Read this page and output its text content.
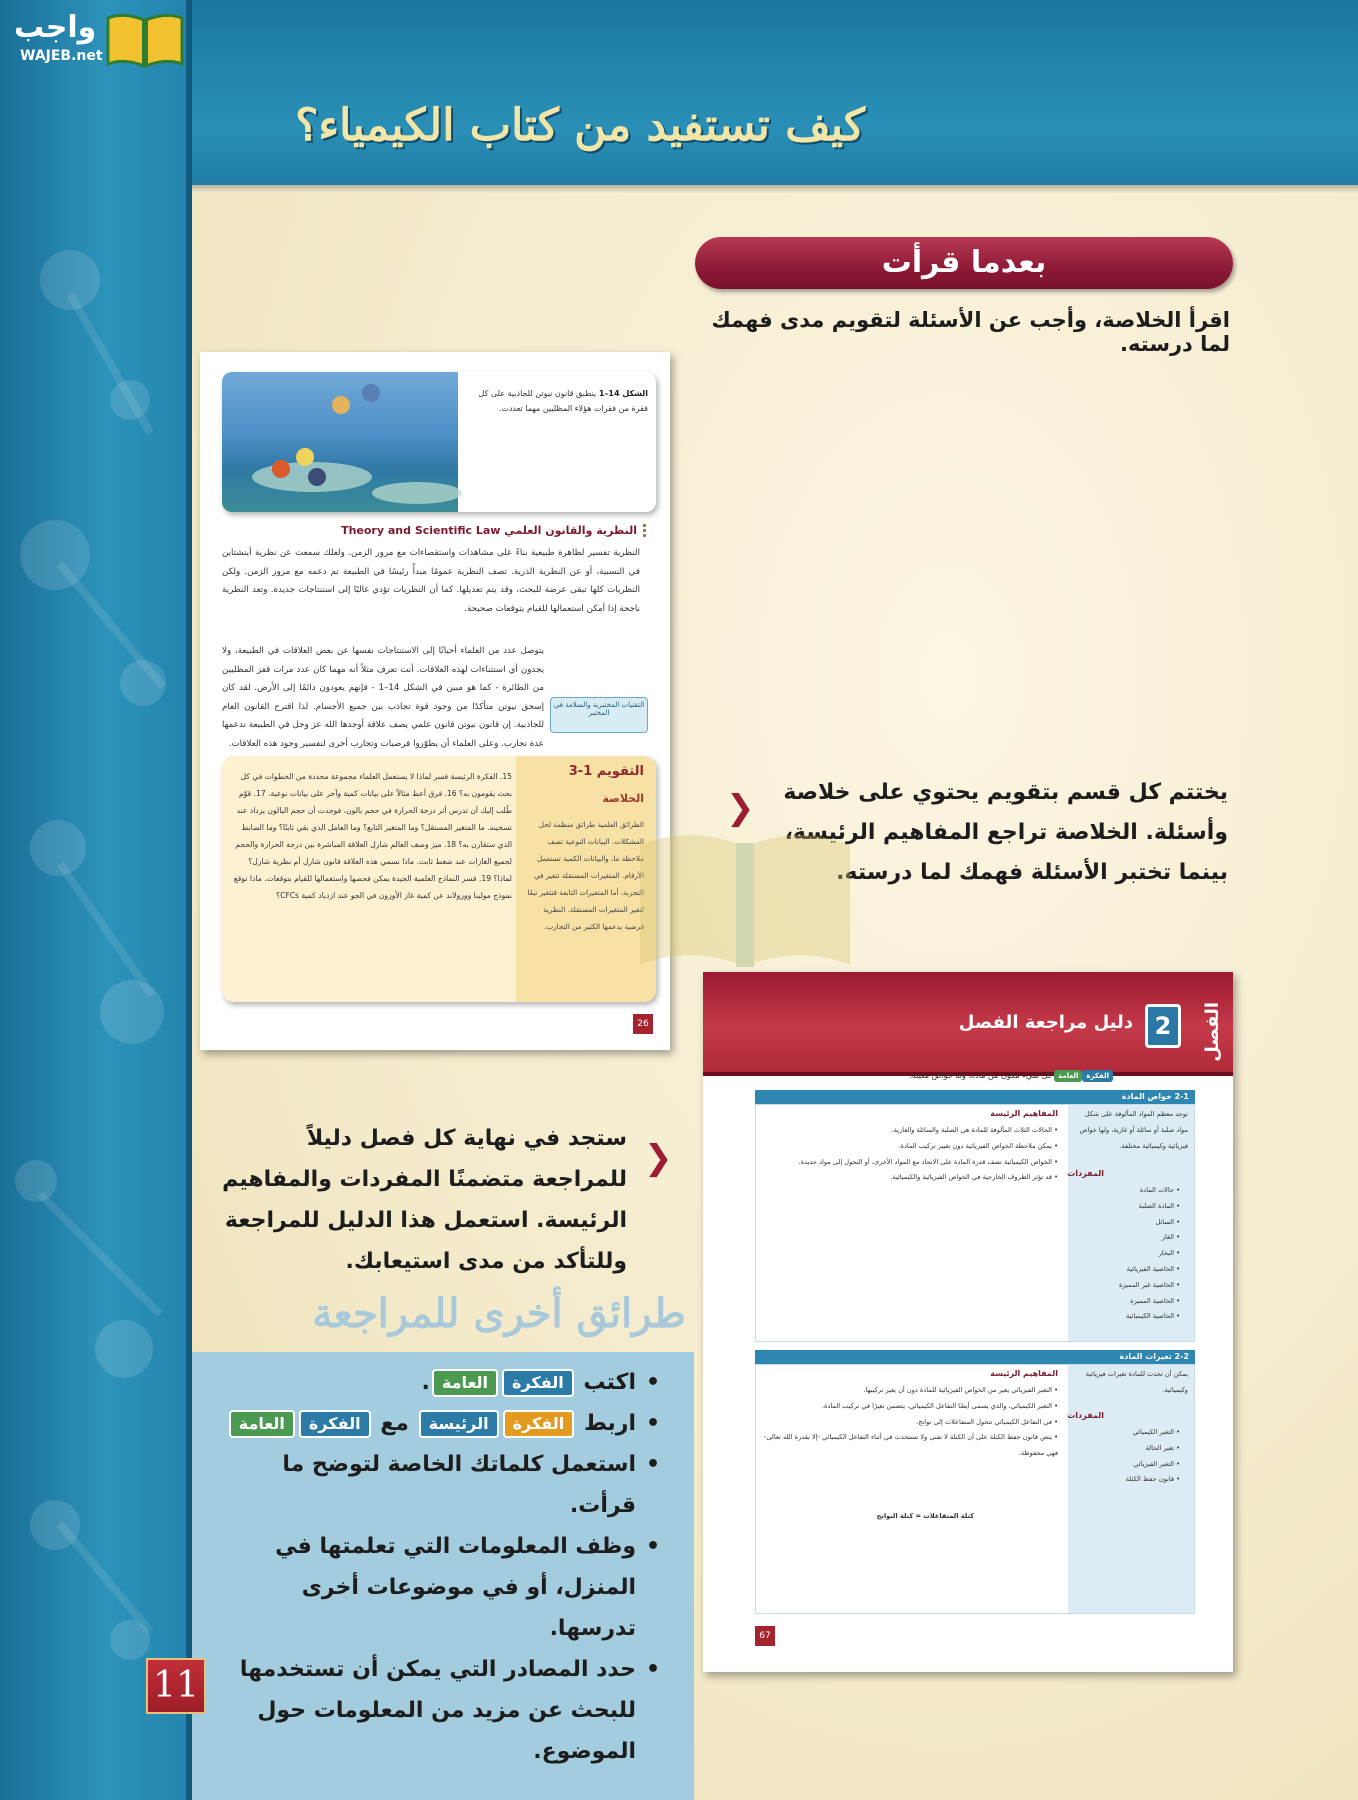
واجب
WAJEB.net
كيف تستفيد من كتاب الكيمياء؟
بعدما قرأت

اقرأ الخلاصة، وأجب عن الأسئلة لتقويم مدى فهمك لما درسته.

الشكل 14–1 ينطبق قانون نيوتن للجاذبية على كل فقرة من فقرات هؤلاء المظليين مهما تعددت.
النظرية والقانون العلمي Theory and Scientific Law

النظرية تفسير لظاهرة طبيعية بناءً على مشاهدات واستقصاءات مع مرور الزمن. ولعلك سمعت عن نظرية أينشتاين في النسبية، أو عن النظرية الذرية. تصف النظرية عمومًا مبدأً رئيسًا في الطبيعة تم دعمه مع مرور الزمن. ولكن النظريات كلها تبقى عرضة للبحث، وقد يتم تعديلها. كما أن النظريات تؤدي غالبًا إلى استنتاجات جديدة. وتعد النظرية ناجحة إذا أمكن استعمالها للقيام بتوقعات صحيحة.

يتوصل عدد من العلماء أحيانًا إلى الاستنتاجات نفسها عن بعض العلاقات في الطبيعة، ولا يجدون أي استثناءات لهذه العلاقات. أنت تعرف مثلاً أنه مهما كان عدد مرات قفز المظليين من الطائرة - كما هو مبين في الشكل 14–1 - فإنهم يعودون دائمًا إلى الأرض. لقد كان إسحق نيوتن متأكدًا من وجود قوة تجاذب بين جميع الأجسام. لذا اقترح القانون العام للجاذبية. إن قانون نيوتن قانون علمي يصف علاقة أوجدها الله عز وجل في الطبيعة تدعمها عدة تجارب. وعلى العلماء أن يطوّروا فرضيات وتجارب أخرى لتفسير وجود هذه العلاقات.

التقنيات المختبرية والسلامة في المختبر
التقويم 1-3
الخلاصة
الطرائق العلمية طرائق منظمة لحل المشكلات. البيانات النوعية تصف ملاحظة ما، والبيانات الكمية تستعمل الأرقام. المتغيرات المستقلة تتغير في التجربة، أما المتغيرات التابعة فتتغير تبعًا لتغير المتغيرات المستقلة. النظرية فرضية يدعمها الكثير من التجارب.
15. الفكرة الرئيسة فسر لماذا لا يستعمل العلماء مجموعة محددة من الخطوات في كل بحث يقومون به؟ 16. فرق أعط مثالاً على بيانات كمية وآخر على بيانات نوعية. 17. قوّم طُلب إليك أن تدرس أثر درجة الحرارة في حجم بالون، فوجدت أن حجم البالون يزداد عند تسخينه. ما المتغير المستقل؟ وما المتغير التابع؟ وما العامل الذي بقي ثابتًا؟ وما الضابط الذي ستقارن به؟ 18. ميز وصف العالم شارل العلاقة المباشرة بين درجة الحرارة والحجم لجميع الغازات عند ضغط ثابت. ماذا نسمي هذه العلاقة قانون شارل أم نظرية شارل؟ لماذا؟ 19. فسر النماذج العلمية الجيدة يمكن فحصها واستعمالها للقيام بتوقعات. ماذا توقع نموذج مولينا وورولاند عن كمية غاز الأوزون في الجو عند ازدياد كمية CFCs؟
26
❮
❮

يختتم كل قسم بتقويم يحتوي على خلاصة وأسئلة. الخلاصة تراجع المفاهيم الرئيسة، بينما تختبر الأسئلة فهمك لما درسته.

الفصل
2
دليل مراجعة الفصل
الفكرةالعامة كل شيء مكون من مادة، وله خواص معينة.
2-1 خواص المادة
توجد معظم المواد المألوفة على شكل مواد صلبة أو سائلة أو غازية، ولها خواص فيزيائية وكيميائية مختلفة.
المفردات
• حالات المادة
• المادة الصلبة
• السائل
• الغاز
• البخار
• الخاصية الفيزيائية
• الخاصية غير المميزة
• الخاصية المميزة
• الخاصية الكيميائية
المفاهيم الرئيسة
• الحالات الثلاث المألوفة للمادة هي الصلبة والسائلة والغازية.
• يمكن ملاحظة الخواص الفيزيائية دون تغيير تركيب المادة.
• الخواص الكيميائية تصف قدرة المادة على الاتحاد مع المواد الأخرى، أو التحول إلى مواد جديدة.
• قد تؤثر الظروف الخارجية في الخواص الفيزيائية والكيميائية.
2-2 تغيرات المادة
يمكن أن تحدث للمادة تغيرات فيزيائية وكيميائية.
المفردات
• التغير الكيميائي
• تغير الحالة
• التغير الفيزيائي
• قانون حفظ الكتلة
المفاهيم الرئيسة
• التغير الفيزيائي يغير من الخواص الفيزيائية للمادة دون أن يغير تركيبها.
• التغير الكيميائي، والذي يسمى أيضًا التفاعل الكيميائي، يتضمن تغيرًا في تركيب المادة.
• في التفاعل الكيميائي تتحول المتفاعلات إلى نواتج.
• ينص قانون حفظ الكتلة على أن الكتلة لا تفنى ولا تستحدث في أثناء التفاعل الكيميائي -إلا بقدرة الله تعالى- فهي محفوظة.
كتلة المتفاعلات = كتلة النواتج
67

ستجد في نهاية كل فصل دليلاً للمراجعة متضمنًا المفردات والمفاهيم الرئيسة. استعمل هذا الدليل للمراجعة وللتأكد من مدى استيعابك.

طرائق أخرى للمراجعة
• اكتب الفكرةالعامة.
• اربط الفكرةالرئيسة مع الفكرةالعامة
• استعمل كلماتك الخاصة لتوضح ما قرأت.
• وظف المعلومات التي تعلمتها في المنزل، أو في موضوعات أخرى تدرسها.
• حدد المصادر التي يمكن أن تستخدمها للبحث عن مزيد من المعلومات حول الموضوع.
11
